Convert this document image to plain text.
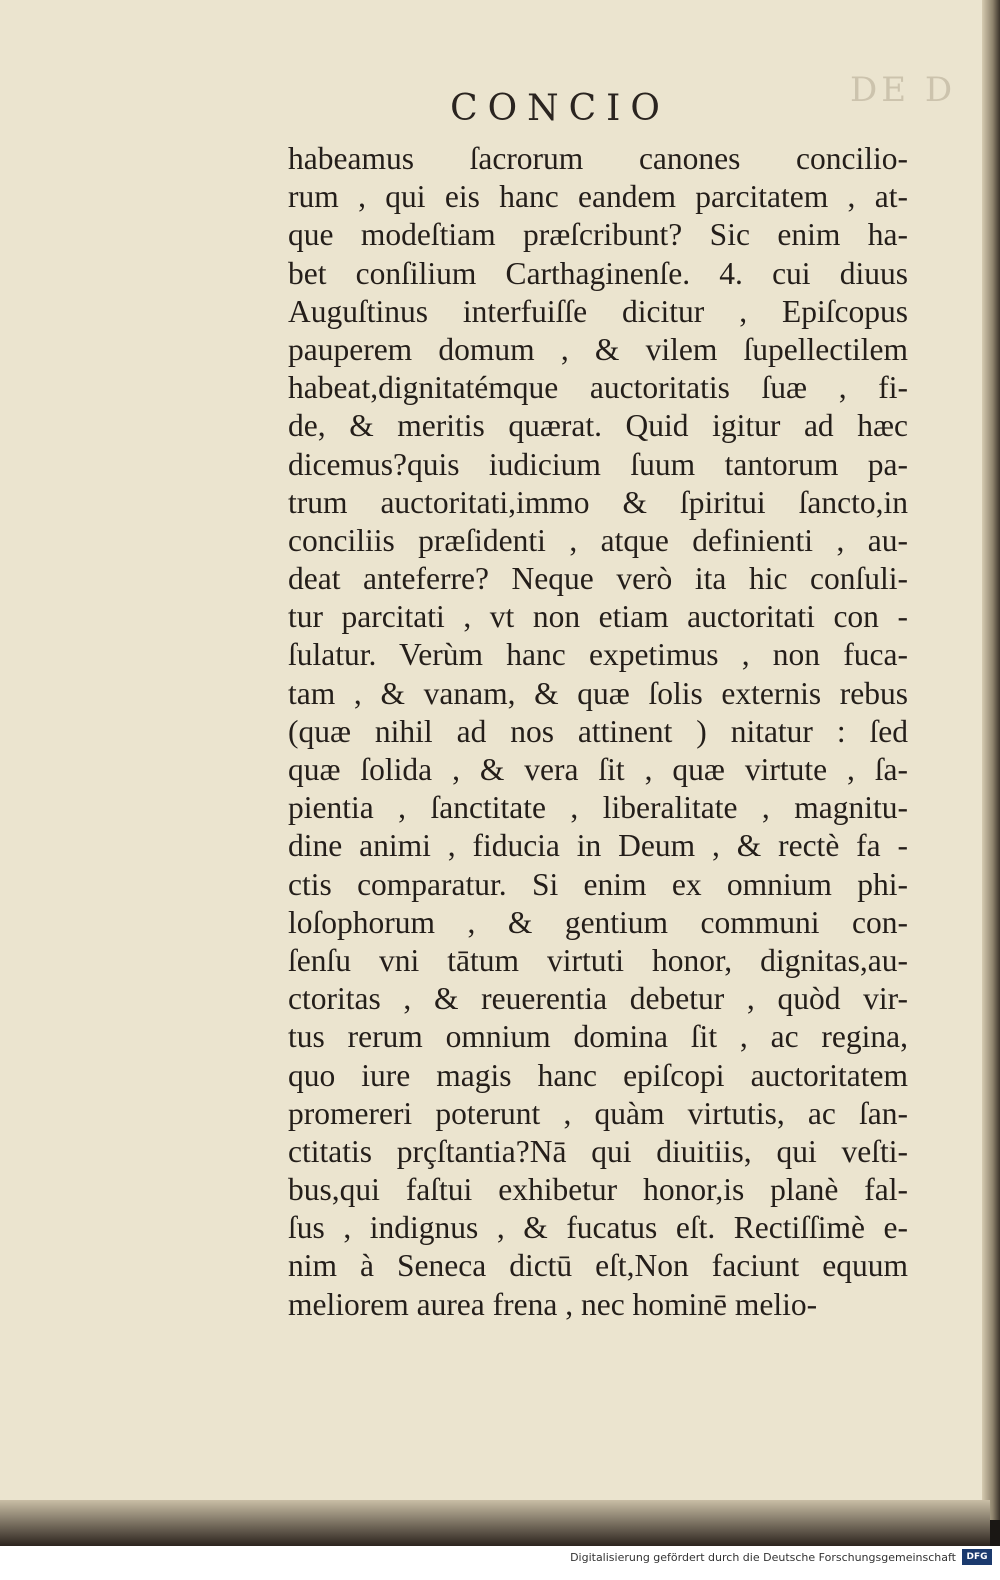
DE D
CONCIO
habeamus ſacrorum canones concilio-
rum , qui eis hanc eandem parcitatem , at-
que modeſtiam præſcribunt? Sic enim ha-
bet conſilium Carthaginenſe. 4. cui diuus
Auguſtinus interfuiſſe dicitur , Epiſcopus
pauperem domum , & vilem ſupellectilem
habeat,dignitatémque auctoritatis ſuæ , fi-
de, & meritis quærat. Quid igitur ad hæc
dicemus?quis iudicium ſuum tantorum pa-
trum auctoritati,immo & ſpiritui ſancto,in
conciliis præſidenti , atque definienti , au-
deat anteferre? Neque verò ita hic conſuli-
tur parcitati , vt non etiam auctoritati con -
ſulatur. Verùm hanc expetimus , non fuca-
tam , & vanam, & quæ ſolis externis rebus
(quæ nihil ad nos attinent ) nitatur : ſed
quæ ſolida , & vera ſit , quæ virtute , ſa-
pientia , ſanctitate , liberalitate , magnitu-
dine animi , fiducia in Deum , & rectè fa -
ctis comparatur. Si enim ex omnium phi-
loſophorum , & gentium communi con-
ſenſu vni tātum virtuti honor, dignitas,au-
ctoritas , & reuerentia debetur , quòd vir-
tus rerum omnium domina ſit , ac regina,
quo iure magis hanc epiſcopi auctoritatem
promereri poterunt , quàm virtutis, ac ſan-
ctitatis prçſtantia?Nā qui diuitiis, qui veſti-
bus,qui faſtui exhibetur honor,is planè fal-
ſus , indignus , & fucatus eſt. Rectiſſimè e-
nim à Seneca dictū eſt,Non faciunt equum
meliorem aurea frena , nec hominē melio-
Digitalisierung gefördert durch die Deutsche Forschungsgemeinschaft	DFG
